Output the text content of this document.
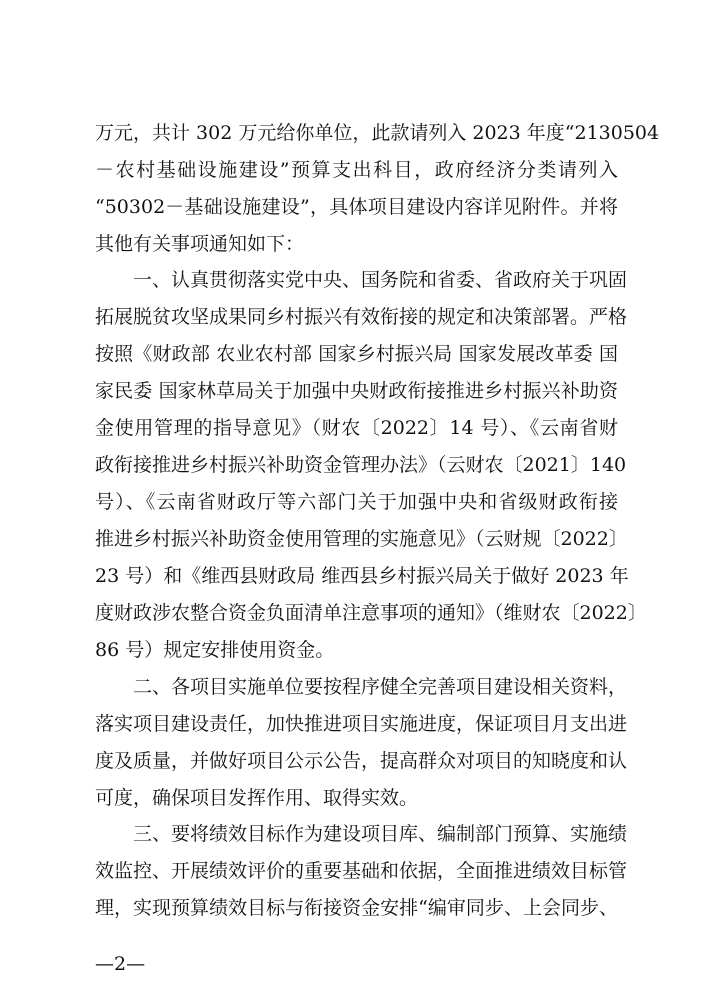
万元，共计 302 万元给你单位，此款请列入 2023 年度“2130504
－农村基础设施建设”预算支出科目，政府经济分类请列入
“50302－基础设施建设”，具体项目建设内容详见附件。并将
其他有关事项通知如下：
一、认真贯彻落实党中央、国务院和省委、省政府关于巩固
拓展脱贫攻坚成果同乡村振兴有效衔接的规定和决策部署。严格
按照《财政部 农业农村部 国家乡村振兴局 国家发展改革委 国
家民委 国家林草局关于加强中央财政衔接推进乡村振兴补助资
金使用管理的指导意见》（财农〔2022〕14 号）、《云南省财
政衔接推进乡村振兴补助资金管理办法》（云财农〔2021〕140
号）、《云南省财政厅等六部门关于加强中央和省级财政衔接
推进乡村振兴补助资金使用管理的实施意见》（云财规〔2022〕
23 号）和《维西县财政局 维西县乡村振兴局关于做好 2023 年
度财政涉农整合资金负面清单注意事项的通知》（维财农〔2022〕
86 号）规定安排使用资金。
二、各项目实施单位要按程序健全完善项目建设相关资料，
落实项目建设责任，加快推进项目实施进度，保证项目月支出进
度及质量，并做好项目公示公告，提高群众对项目的知晓度和认
可度，确保项目发挥作用、取得实效。
三、要将绩效目标作为建设项目库、编制部门预算、实施绩
效监控、开展绩效评价的重要基础和依据，全面推进绩效目标管
理，实现预算绩效目标与衔接资金安排“编审同步、上会同步、
—2—
